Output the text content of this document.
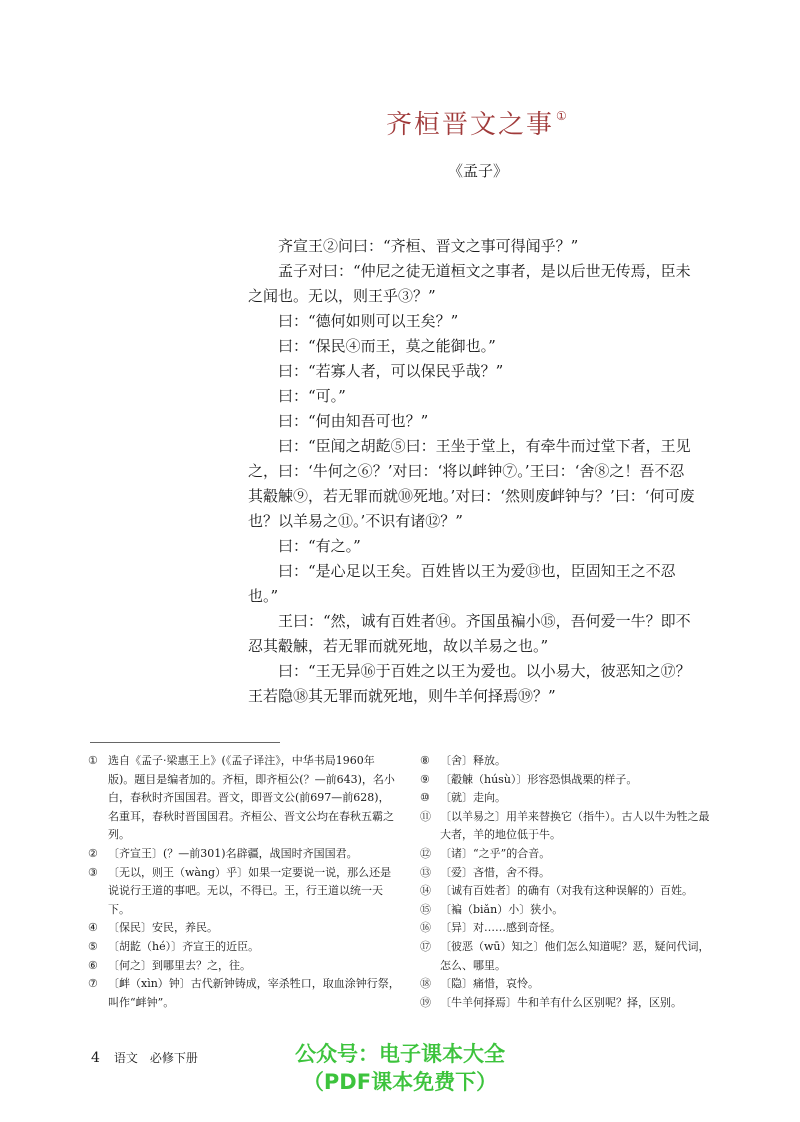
齐桓晋文之事 ①
《孟子》

齐宣王②问曰：“齐桓、晋文之事可得闻乎？”

孟子对曰：“仲尼之徒无道桓文之事者，是以后世无传焉，臣未之闻也。无以，则王乎③？”

曰：“德何如则可以王矣？”

曰：“保民④而王，莫之能御也。”

曰：“若寡人者，可以保民乎哉？”

曰：“可。”

曰：“何由知吾可也？”

曰：“臣闻之胡龁⑤曰：王坐于堂上，有牵牛而过堂下者，王见之，曰：‘牛何之⑥？’对曰：‘将以衅钟⑦。’王曰：‘舍⑧之！吾不忍其觳觫⑨，若无罪而就⑩死地。’对曰：‘然则废衅钟与？’曰：‘何可废也？以羊易之⑪。’不识有诸⑫？”

曰：“有之。”

曰：“是心足以王矣。百姓皆以王为爱⑬也，臣固知王之不忍也。”

王曰：“然，诚有百姓者⑭。齐国虽褊小⑮，吾何爱一牛？即不忍其觳觫，若无罪而就死地，故以羊易之也。”

曰：“王无异⑯于百姓之以王为爱也。以小易大，彼恶知之⑰？王若隐⑱其无罪而就死地，则牛羊何择焉⑲？”

① 选自《孟子·梁惠王上》(《孟子译注》，中华书局1960年版)。题目是编者加的。齐桓，即齐桓公(？—前643)，名小白，春秋时齐国国君。晋文，即晋文公(前697—前628)，名重耳，春秋时晋国国君。齐桓公、晋文公均在春秋五霸之列。
② 〔齐宣王〕(？—前301)名辟疆，战国时齐国国君。
③ 〔无以，则王（wàng）乎〕如果一定要说一说，那么还是说说行王道的事吧。无以，不得已。王，行王道以统一天下。
④ 〔保民〕安民，养民。
⑤ 〔胡龁（hé）〕齐宣王的近臣。
⑥ 〔何之〕到哪里去？之，往。
⑦ 〔衅（xìn）钟〕古代新钟铸成，宰杀牲口，取血涂钟行祭，叫作“衅钟”。
⑧ 〔舍〕释放。
⑨ 〔觳觫（húsù）〕形容恐惧战栗的样子。
⑩ 〔就〕走向。
⑪ 〔以羊易之〕用羊来替换它（指牛）。古人以牛为牲之最大者，羊的地位低于牛。
⑫ 〔诸〕“之乎”的合音。
⑬ 〔爱〕吝惜，舍不得。
⑭ 〔诚有百姓者〕的确有（对我有这种误解的）百姓。
⑮ 〔褊（biǎn）小〕狭小。
⑯ 〔异〕对……感到奇怪。
⑰ 〔彼恶（wū）知之〕他们怎么知道呢？恶，疑问代词，怎么、哪里。
⑱ 〔隐〕痛惜，哀怜。
⑲ 〔牛羊何择焉〕牛和羊有什么区别呢？择，区别。
4 语文　必修下册	公众号：电子课本大全
（PDF课本免费下）
